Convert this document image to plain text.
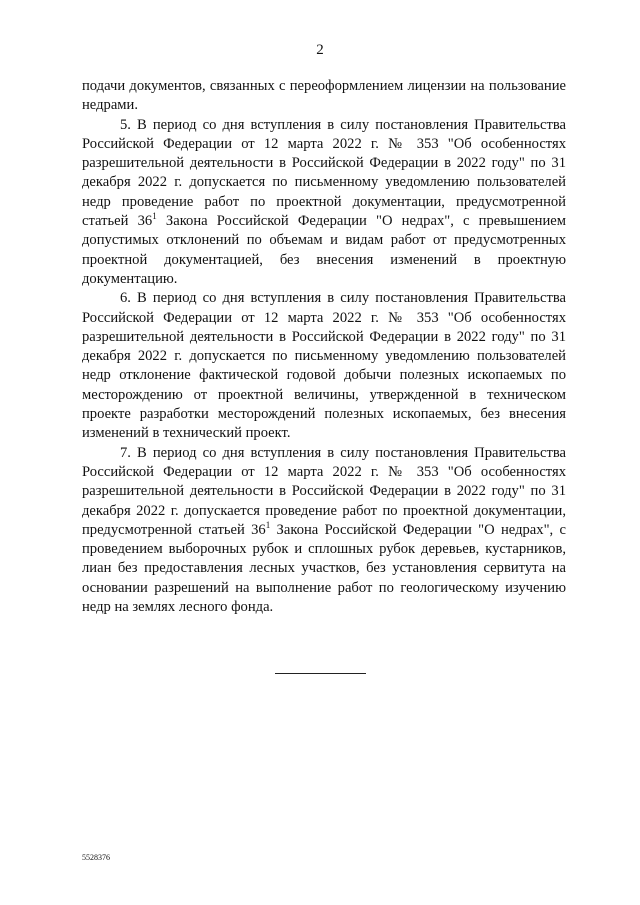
2

подачи документов, связанных с переоформлением лицензии на пользование недрами.

5. В период со дня вступления в силу постановления Правительства Российской Федерации от 12 марта 2022 г. № 353 "Об особенностях разрешительной деятельности в Российской Федерации в 2022 году" по 31 декабря 2022 г. допускается по письменному уведомлению пользователей недр проведение работ по проектной документации, предусмотренной статьей $36^1$ Закона Российской Федерации "О недрах", с превышением допустимых отклонений по объемам и видам работ от предусмотренных проектной документацией, без внесения изменений в проектную документацию.

6. В период со дня вступления в силу постановления Правительства Российской Федерации от 12 марта 2022 г. № 353 "Об особенностях разрешительной деятельности в Российской Федерации в 2022 году" по 31 декабря 2022 г. допускается по письменному уведомлению пользователей недр отклонение фактической годовой добычи полезных ископаемых по месторождению от проектной величины, утвержденной в техническом проекте разработки месторождений полезных ископаемых, без внесения изменений в технический проект.

7. В период со дня вступления в силу постановления Правительства Российской Федерации от 12 марта 2022 г. № 353 "Об особенностях разрешительной деятельности в Российской Федерации в 2022 году" по 31 декабря 2022 г. допускается проведение работ по проектной документации, предусмотренной статьей $36^1$ Закона Российской Федерации "О недрах", с проведением выборочных рубок и сплошных рубок деревьев, кустарников, лиан без предоставления лесных участков, без установления сервитута на основании разрешений на выполнение работ по геологическому изучению недр на землях лесного фонда.

5528376
